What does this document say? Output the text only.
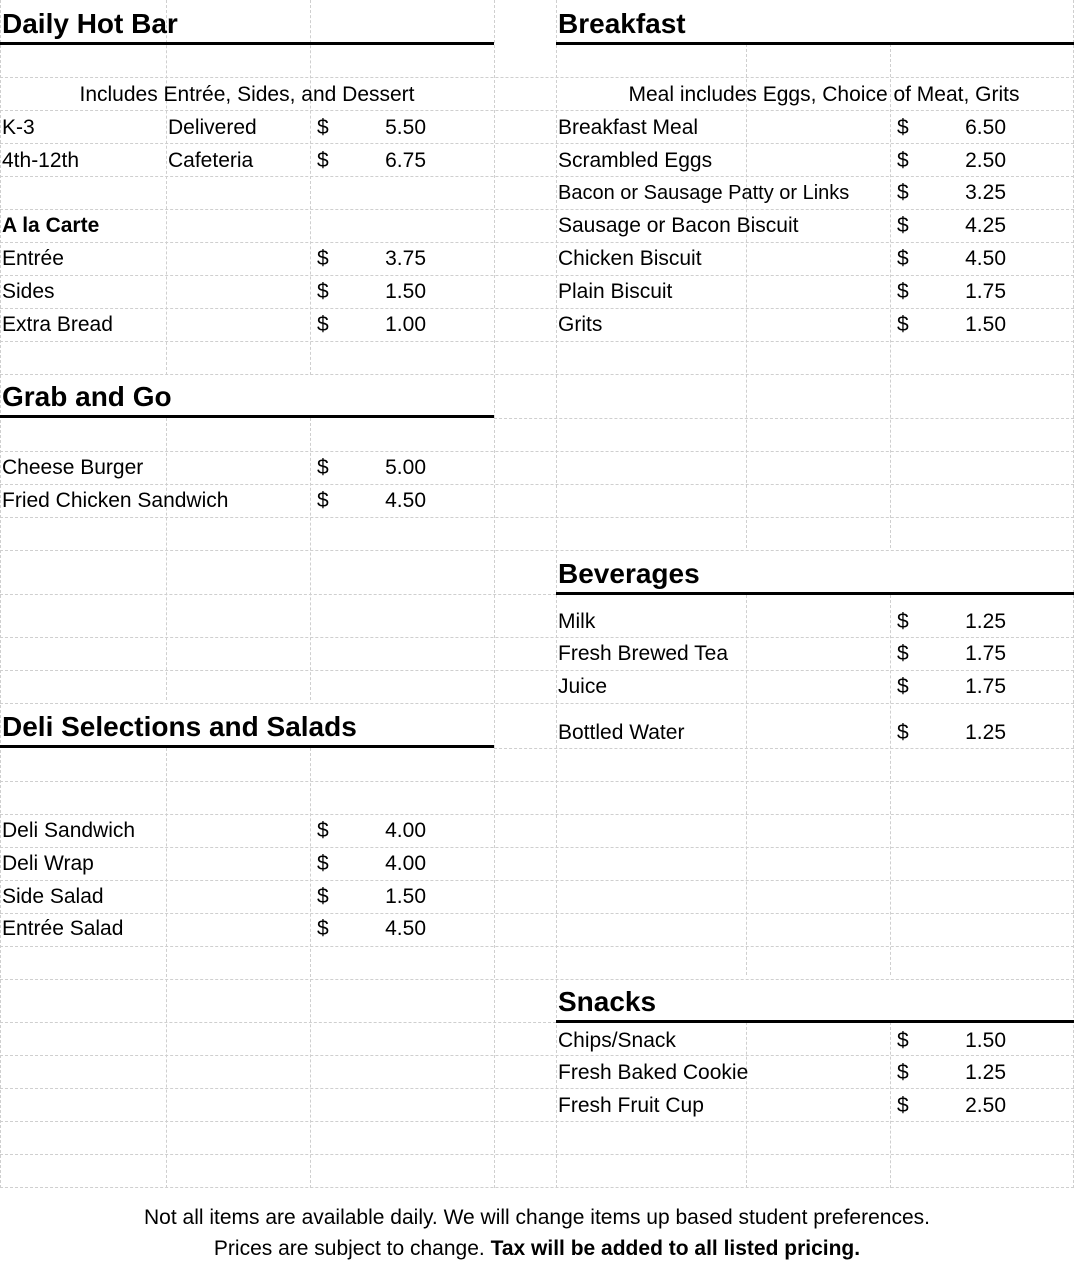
Daily Hot Bar
Includes Entrée, Sides, and Dessert
K-3	Delivered	$	5.50
4th-12th	Cafeteria	$	6.75
A la Carte
Entrée	$	3.75
Sides	$	1.50
Extra Bread	$	1.00
Grab and Go
Cheese Burger	$	5.00
Fried Chicken Sandwich	$	4.50
Deli Selections and Salads
Deli Sandwich	$	4.00
Deli Wrap	$	4.00
Side Salad	$	1.50
Entrée Salad	$	4.50
Breakfast
Meal includes Eggs, Choice of Meat, Grits
Breakfast Meal	$	6.50
Scrambled Eggs	$	2.50
Bacon or Sausage Patty or Links $	3.25
Sausage or Bacon Biscuit	$	4.25
Chicken Biscuit	$	4.50
Plain Biscuit	$	1.75
Grits	$	1.50
Beverages
Milk	$	1.25
Fresh Brewed Tea	$	1.75
Juice	$	1.75
Bottled Water	$	1.25
Snacks
Chips/Snack	$	1.50
Fresh Baked Cookie	$	1.25
Fresh Fruit Cup	$	2.50
Not all items are available daily. We will change items up based student preferences.
Prices are subject to change. Tax will be added to all listed pricing.
